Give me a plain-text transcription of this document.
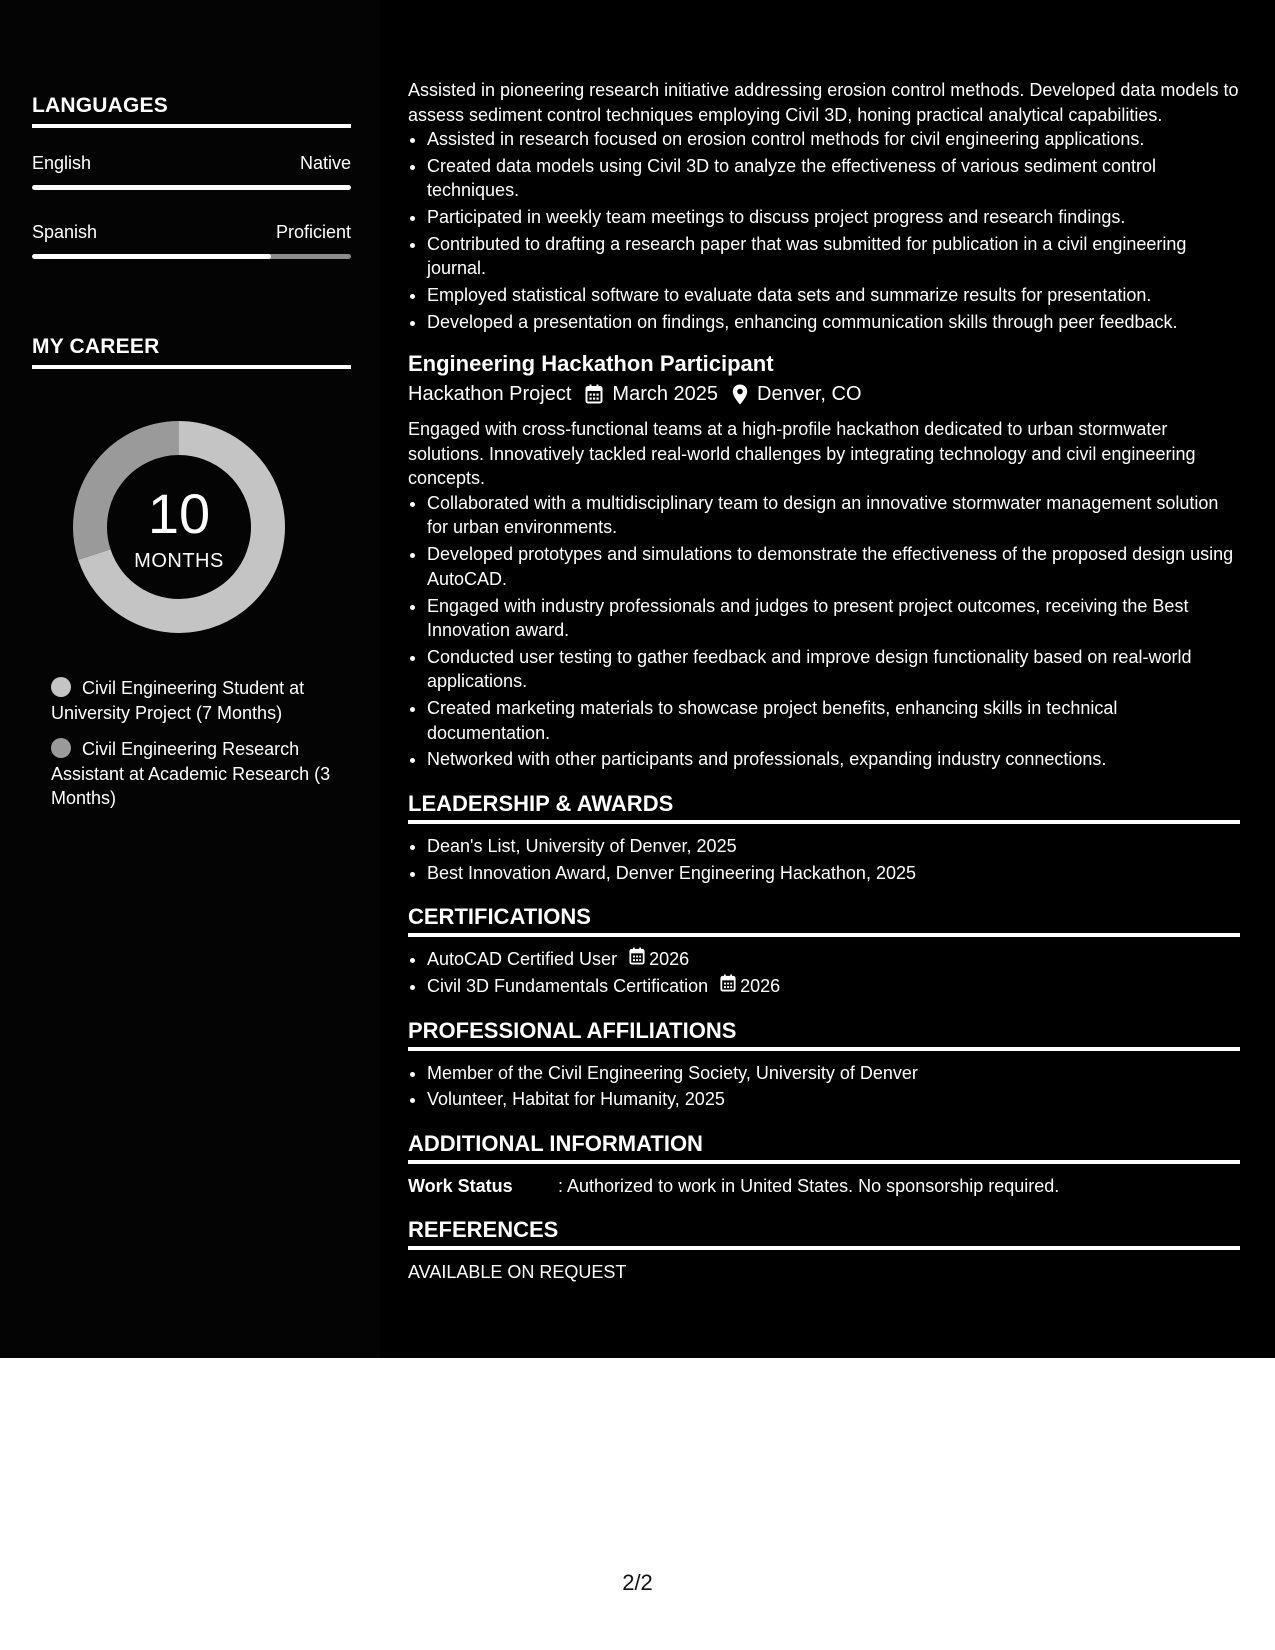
LANGUAGES
English	Native
Spanish	Proficient
MY CAREER
10
MONTHS
Civil Engineering Student at University Project (7 Months)
Civil Engineering Research Assistant at Academic Research (3 Months)

Assisted in pioneering research initiative addressing erosion control methods. Developed data models to assess sediment control techniques employing Civil 3D, honing practical analytical capabilities.

• Assisted in research focused on erosion control methods for civil engineering applications.
• Created data models using Civil 3D to analyze the effectiveness of various sediment control techniques.
• Participated in weekly team meetings to discuss project progress and research findings.
• Contributed to drafting a research paper that was submitted for publication in a civil engineering journal.
• Employed statistical software to evaluate data sets and summarize results for presentation.
• Developed a presentation on findings, enhancing communication skills through peer feedback.
Engineering Hackathon Participant
Hackathon Project March 2025 Denver, CO

Engaged with cross-functional teams at a high-profile hackathon dedicated to urban stormwater solutions. Innovatively tackled real-world challenges by integrating technology and civil engineering concepts.

• Collaborated with a multidisciplinary team to design an innovative stormwater management solution for urban environments.
• Developed prototypes and simulations to demonstrate the effectiveness of the proposed design using AutoCAD.
• Engaged with industry professionals and judges to present project outcomes, receiving the Best Innovation award.
• Conducted user testing to gather feedback and improve design functionality based on real-world applications.
• Created marketing materials to showcase project benefits, enhancing skills in technical documentation.
• Networked with other participants and professionals, expanding industry connections.
LEADERSHIP & AWARDS
• Dean's List, University of Denver, 2025
• Best Innovation Award, Denver Engineering Hackathon, 2025
CERTIFICATIONS
• AutoCAD Certified User 2026
• Civil 3D Fundamentals Certification 2026
PROFESSIONAL AFFILIATIONS
• Member of the Civil Engineering Society, University of Denver
• Volunteer, Habitat for Humanity, 2025
ADDITIONAL INFORMATION
Work Status	: Authorized to work in United States. No sponsorship required.
REFERENCES
AVAILABLE ON REQUEST
2/2
